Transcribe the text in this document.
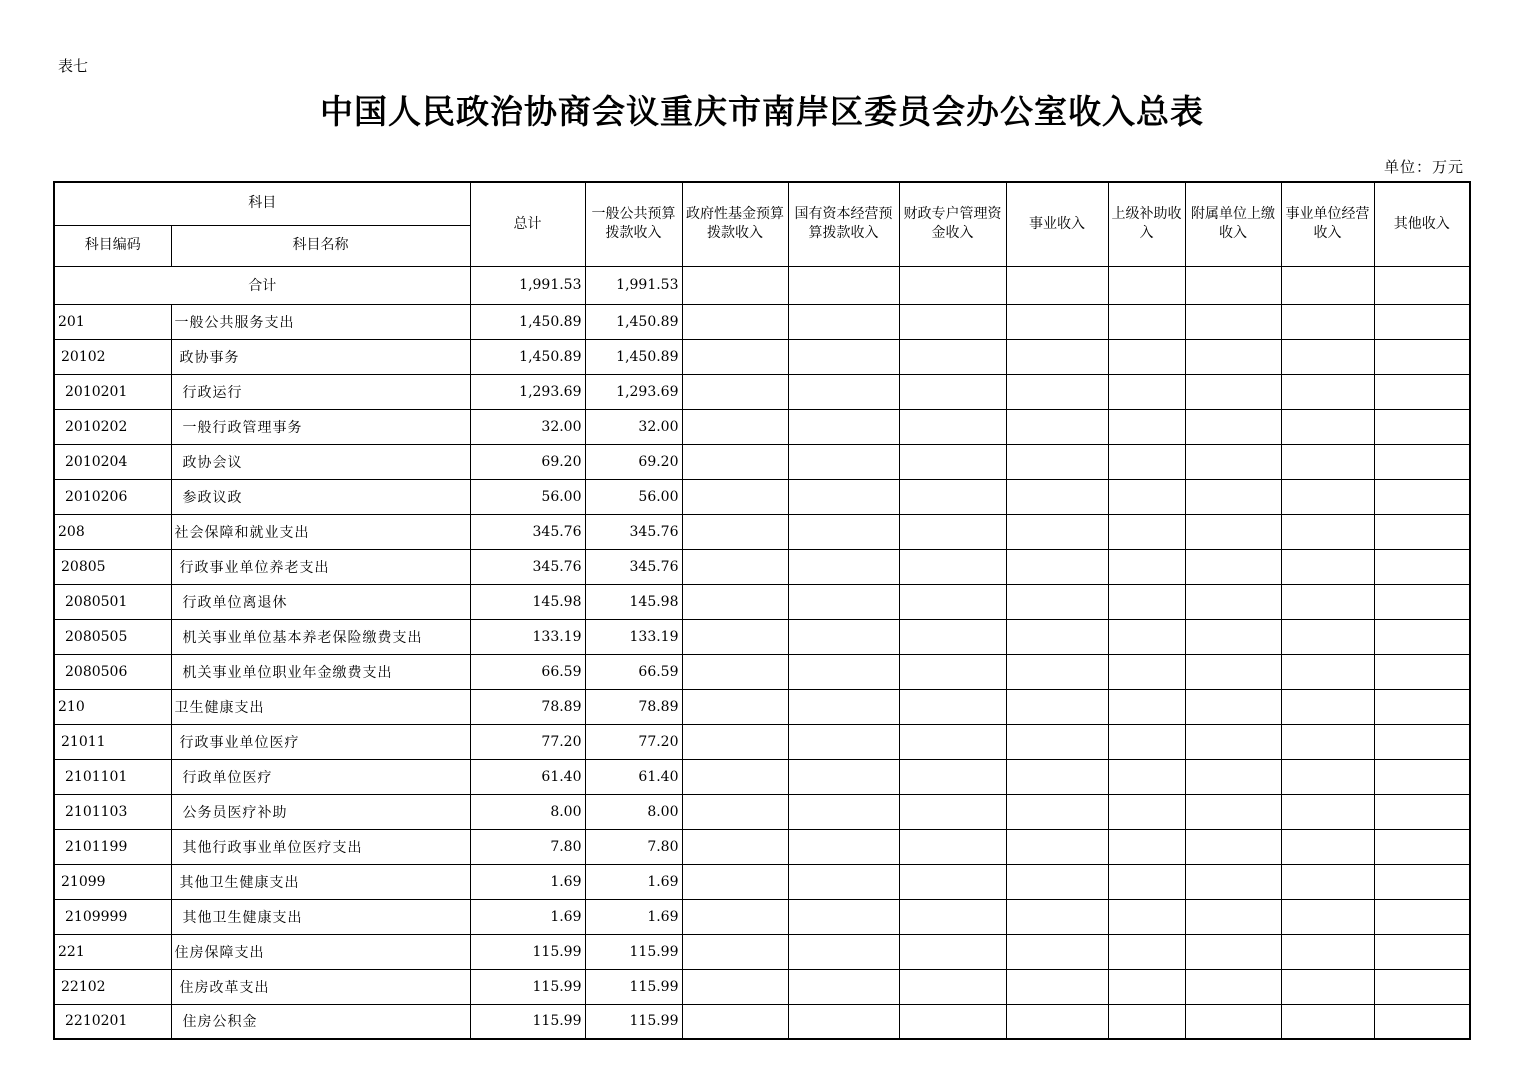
表七
中国人民政治协商会议重庆市南岸区委员会办公室收入总表
单位：万元
科目		总计	一般公共预算拨款收入	政府性基金预算拨款收入	国有资本经营预算拨款收入	财政专户管理资金收入	事业收入	上级补助收入	附属单位上缴收入	事业单位经营收入	其他收入
科目编码	科目名称										
合计		1,991.53	1,991.53								
201	一般公共服务支出	1,450.89	1,450.89								
20102	政协事务	1,450.89	1,450.89								
2010201	行政运行	1,293.69	1,293.69								
2010202	一般行政管理事务	32.00	32.00								
2010204	政协会议	69.20	69.20								
2010206	参政议政	56.00	56.00								
208	社会保障和就业支出	345.76	345.76								
20805	行政事业单位养老支出	345.76	345.76								
2080501	行政单位离退休	145.98	145.98								
2080505	机关事业单位基本养老保险缴费支出	133.19	133.19								
2080506	机关事业单位职业年金缴费支出	66.59	66.59								
210	卫生健康支出	78.89	78.89								
21011	行政事业单位医疗	77.20	77.20								
2101101	行政单位医疗	61.40	61.40								
2101103	公务员医疗补助	8.00	8.00								
2101199	其他行政事业单位医疗支出	7.80	7.80								
21099	其他卫生健康支出	1.69	1.69								
2109999	其他卫生健康支出	1.69	1.69								
221	住房保障支出	115.99	115.99								
22102	住房改革支出	115.99	115.99								
2210201	住房公积金	115.99	115.99								
